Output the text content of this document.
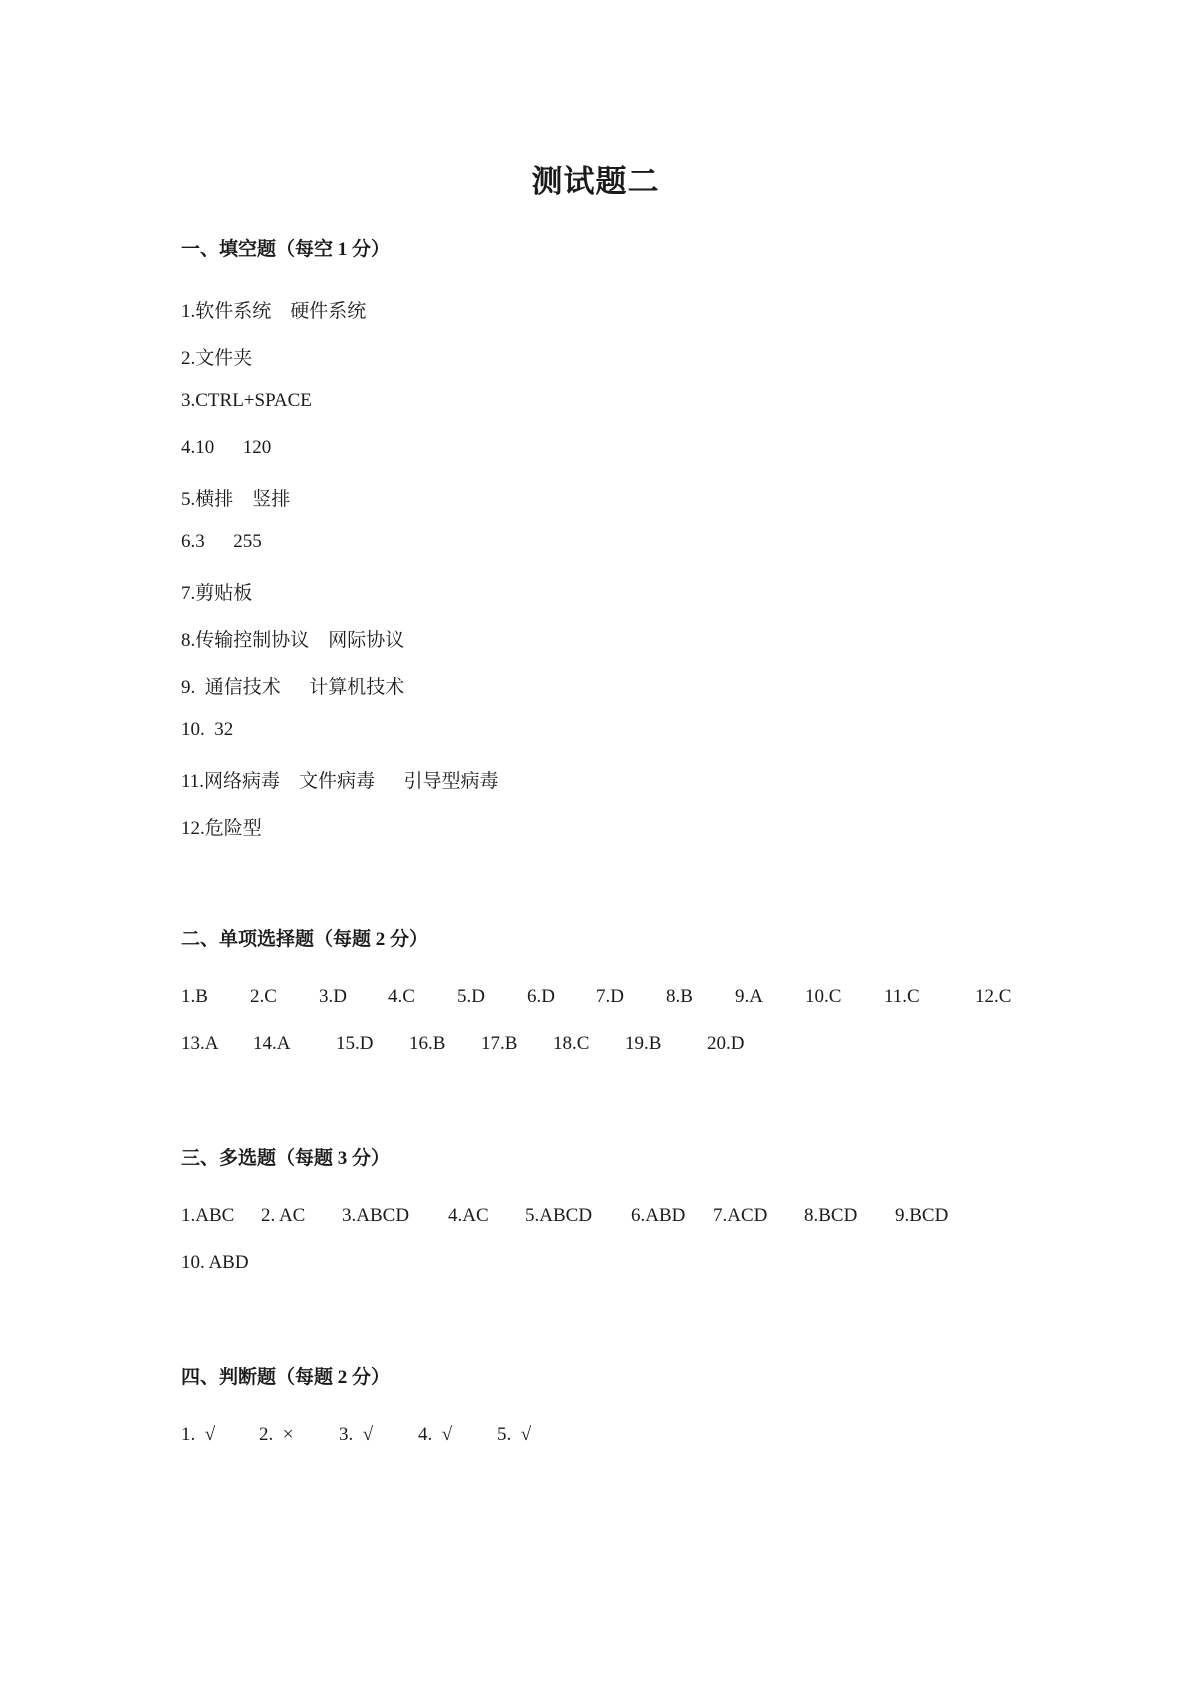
测试题二
一、填空题（每空 1 分）
1.软件系统    硬件系统
2.文件夹
3.CTRL+SPACE
4.10      120
5.横排    竖排
6.3      255
7.剪贴板
8.传输控制协议    网际协议
9.  通信技术      计算机技术
10.  32
11.网络病毒    文件病毒      引导型病毒
12.危险型
二、单项选择题（每题 2 分）
1.B 2.C 3.D 4.C 5.D 6.D 7.D 8.B 9.A 10.C 11.C	12.C
13.A 14.A 15.D 16.B 17.B 18.C 19.B 20.D
三、多选题（每题 3 分）
1.ABC 2. AC 3.ABCD 4.AC 5.ABCD 6.ABD 7.ACD 8.BCD 9.BCD
10. ABD
四、判断题（每题 2 分）
1.  √ 2.  × 3.  √ 4.  √ 5.  √
